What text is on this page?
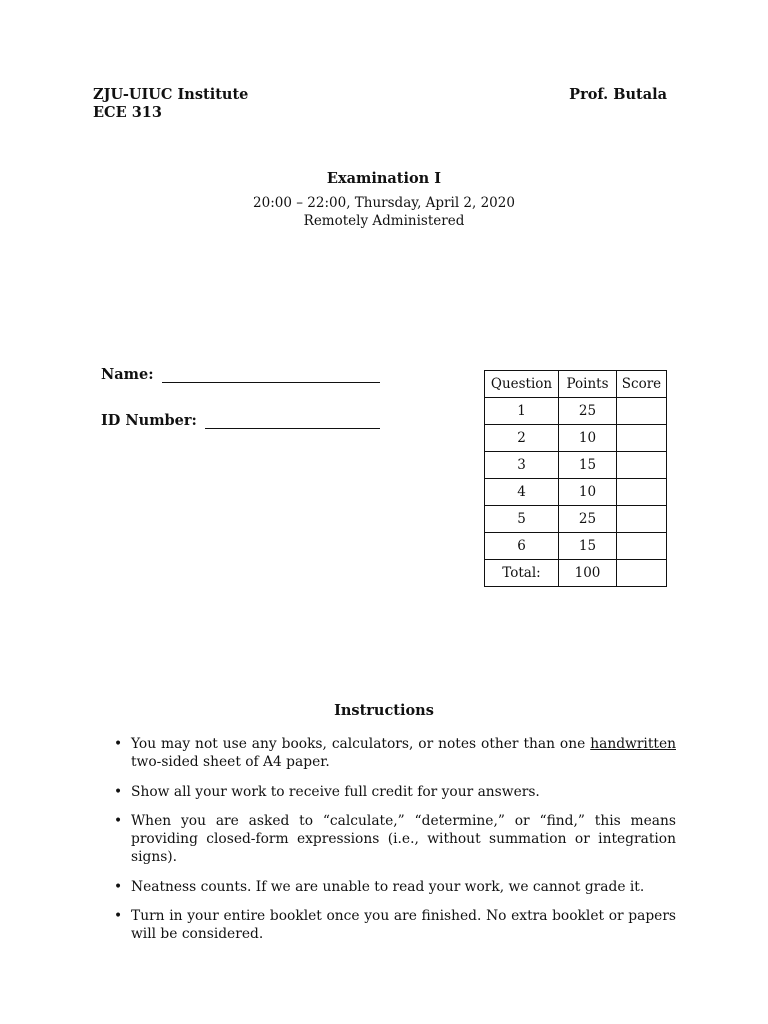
ZJU-UIUC Institute
ECE 313
Prof. Butala
Examination I
20:00 – 22:00, Thursday, April 2, 2020
Remotely Administered
Name:
ID Number:
Question	Points	Score
1	25	
2	10	
3	15	
4	10	
5	25	
6	15	
Total:	100	
Instructions
• You may not use any books, calculators, or notes other than one handwritten two-sided sheet of A4 paper.
• Show all your work to receive full credit for your answers.
• When you are asked to “calculate,” “determine,” or “find,” this means providing closed-form expressions (i.e., without summation or integration signs).
• Neatness counts. If we are unable to read your work, we cannot grade it.
• Turn in your entire booklet once you are finished. No extra booklet or papers will be considered.
